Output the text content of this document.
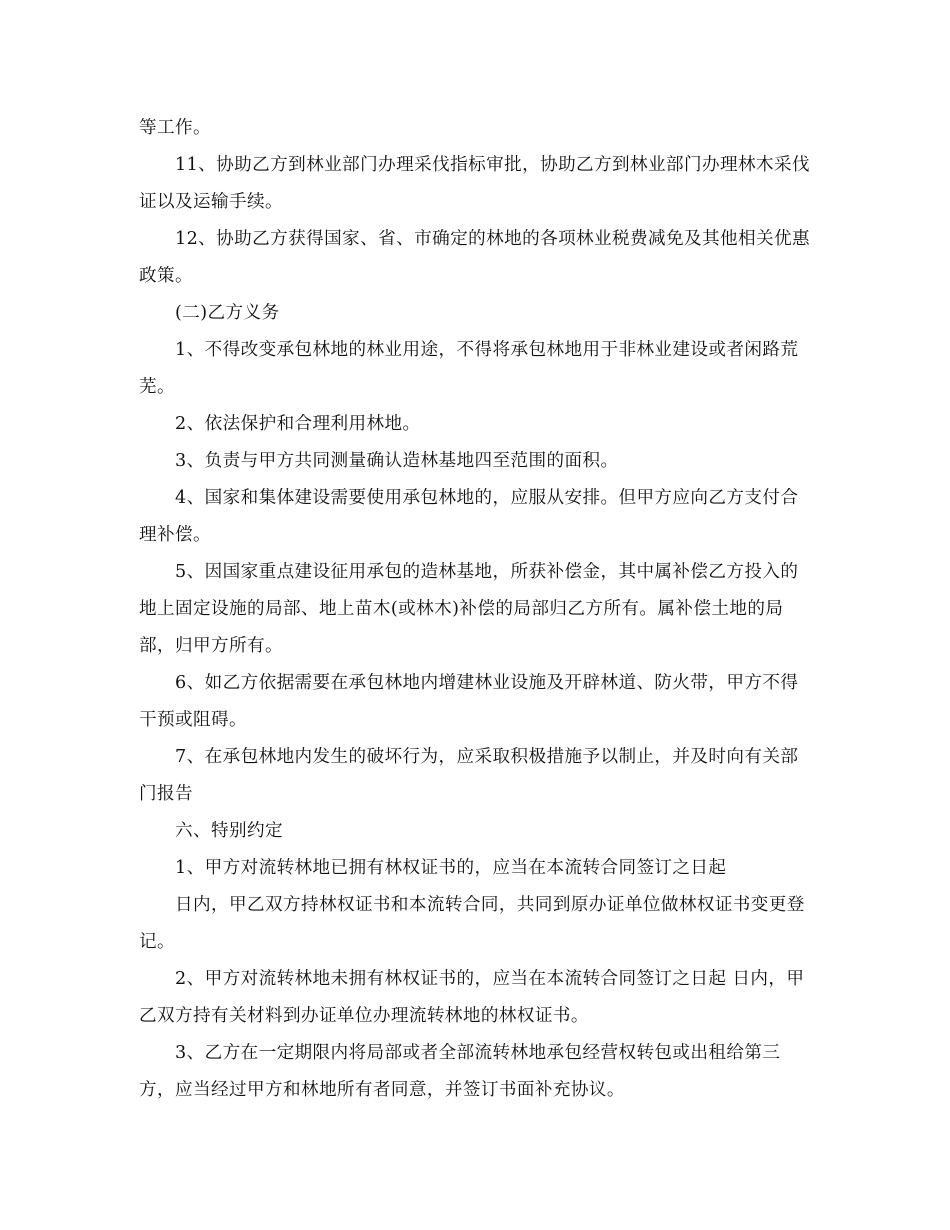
等工作。

11、协助乙方到林业部门办理采伐指标审批，协助乙方到林业部门办理林木采伐证以及运输手续。

12、协助乙方获得国家、省、市确定的林地的各项林业税费减免及其他相关优惠政策。

(二)乙方义务

1、不得改变承包林地的林业用途，不得将承包林地用于非林业建设或者闲路荒芜。

2、依法保护和合理利用林地。

3、负责与甲方共同测量确认造林基地四至范围的面积。

4、国家和集体建设需要使用承包林地的，应服从安排。但甲方应向乙方支付合理补偿。

5、因国家重点建设征用承包的造林基地，所获补偿金，其中属补偿乙方投入的地上固定设施的局部、地上苗木(或林木)补偿的局部归乙方所有。属补偿土地的局部，归甲方所有。

6、如乙方依据需要在承包林地内增建林业设施及开辟林道、防火带，甲方不得干预或阻碍。

7、在承包林地内发生的破坏行为，应采取积极措施予以制止，并及时向有关部门报告

六、特别约定

1、甲方对流转林地已拥有林权证书的，应当在本流转合同签订之日起

日内，甲乙双方持林权证书和本流转合同，共同到原办证单位做林权证书变更登记。

2、甲方对流转林地未拥有林权证书的，应当在本流转合同签订之日起 日内，甲乙双方持有关材料到办证单位办理流转林地的林权证书。

3、乙方在一定期限内将局部或者全部流转林地承包经营权转包或出租给第三方，应当经过甲方和林地所有者同意，并签订书面补充协议。
